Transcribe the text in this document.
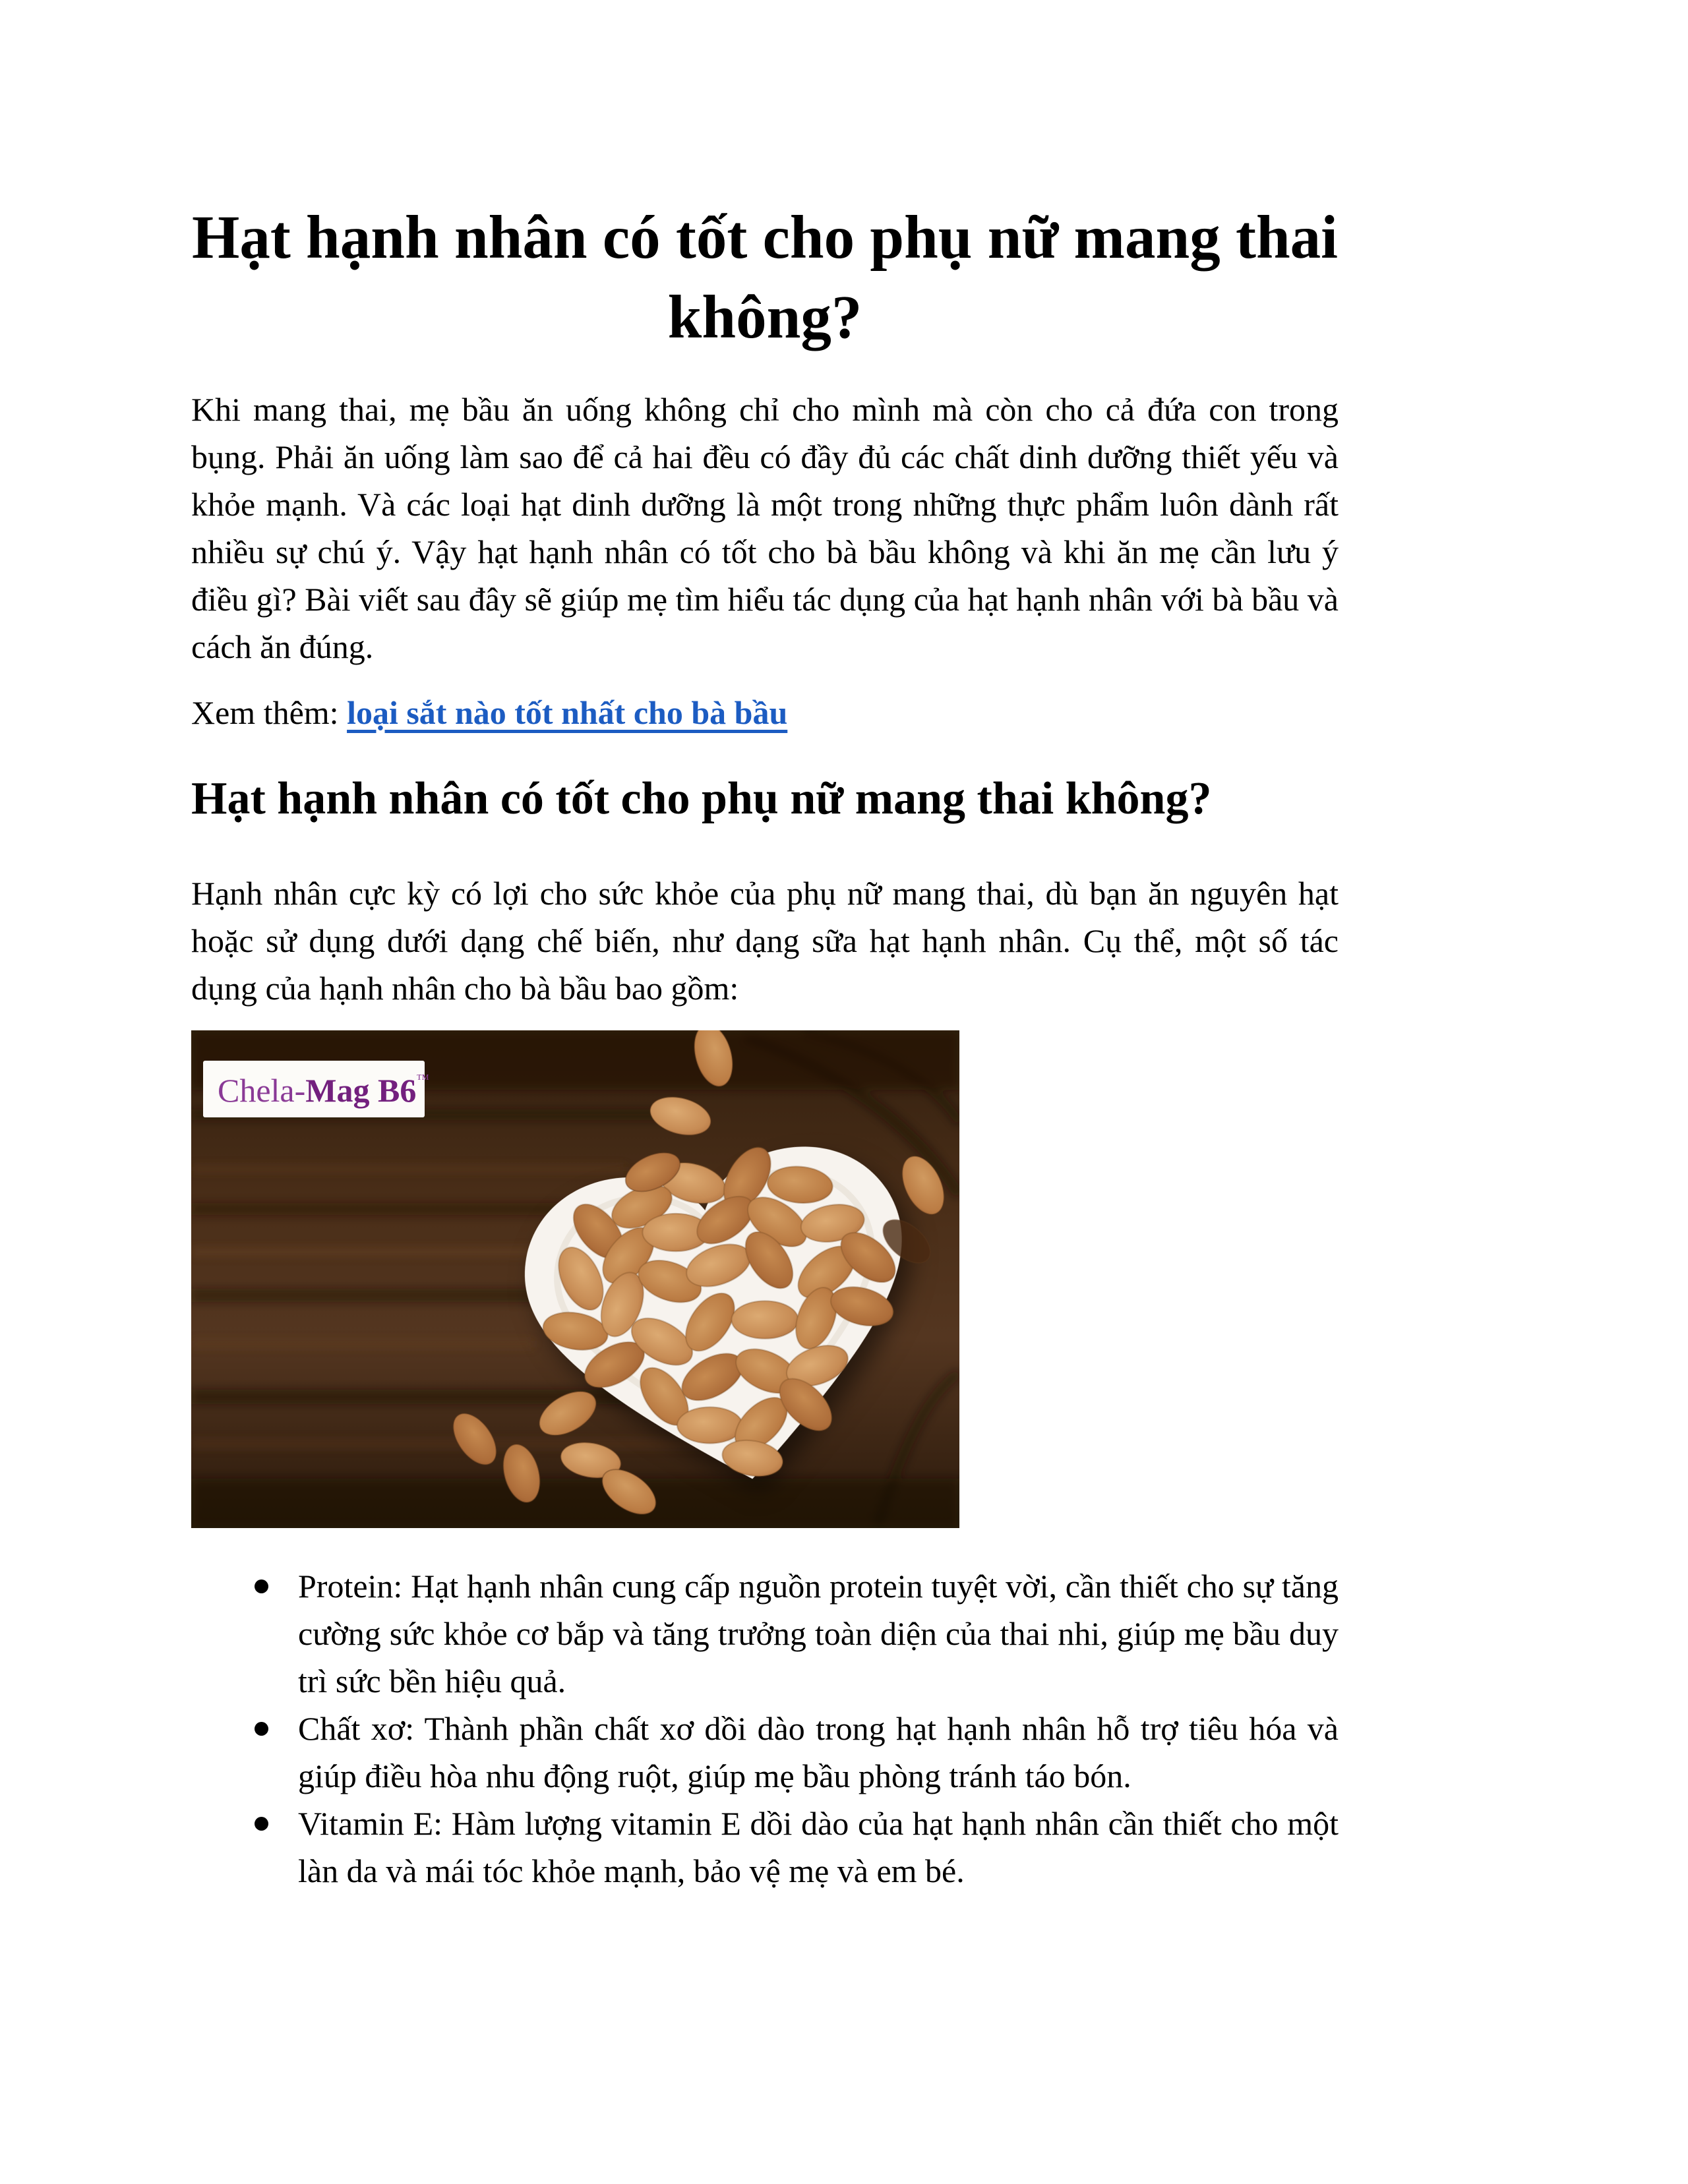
Hạt hạnh nhân có tốt cho phụ nữ mang thai không?

Khi mang thai, mẹ bầu ăn uống không chỉ cho mình mà còn cho cả đứa con trong bụng. Phải ăn uống làm sao để cả hai đều có đầy đủ các chất dinh dưỡng thiết yếu và khỏe mạnh. Và các loại hạt dinh dưỡng là một trong những thực phẩm luôn dành rất nhiều sự chú ý. Vậy hạt hạnh nhân có tốt cho bà bầu không và khi ăn mẹ cần lưu ý điều gì? Bài viết sau đây sẽ giúp mẹ tìm hiểu tác dụng của hạt hạnh nhân với bà bầu và cách ăn đúng.

Xem thêm: loại sắt nào tốt nhất cho bà bầu

Hạt hạnh nhân có tốt cho phụ nữ mang thai không?

Hạnh nhân cực kỳ có lợi cho sức khỏe của phụ nữ mang thai, dù bạn ăn nguyên hạt hoặc sử dụng dưới dạng chế biến, như dạng sữa hạt hạnh nhân. Cụ thể, một số tác dụng của hạnh nhân cho bà bầu bao gồm:

Chela-Mag B6™
Protein: Hạt hạnh nhân cung cấp nguồn protein tuyệt vời, cần thiết cho sự tăng cường sức khỏe cơ bắp và tăng trưởng toàn diện của thai nhi, giúp mẹ bầu duy trì sức bền hiệu quả.
Chất xơ: Thành phần chất xơ dồi dào trong hạt hạnh nhân hỗ trợ tiêu hóa và giúp điều hòa nhu động ruột, giúp mẹ bầu phòng tránh táo bón.
Vitamin E: Hàm lượng vitamin E dồi dào của hạt hạnh nhân cần thiết cho một làn da và mái tóc khỏe mạnh, bảo vệ mẹ và em bé.
